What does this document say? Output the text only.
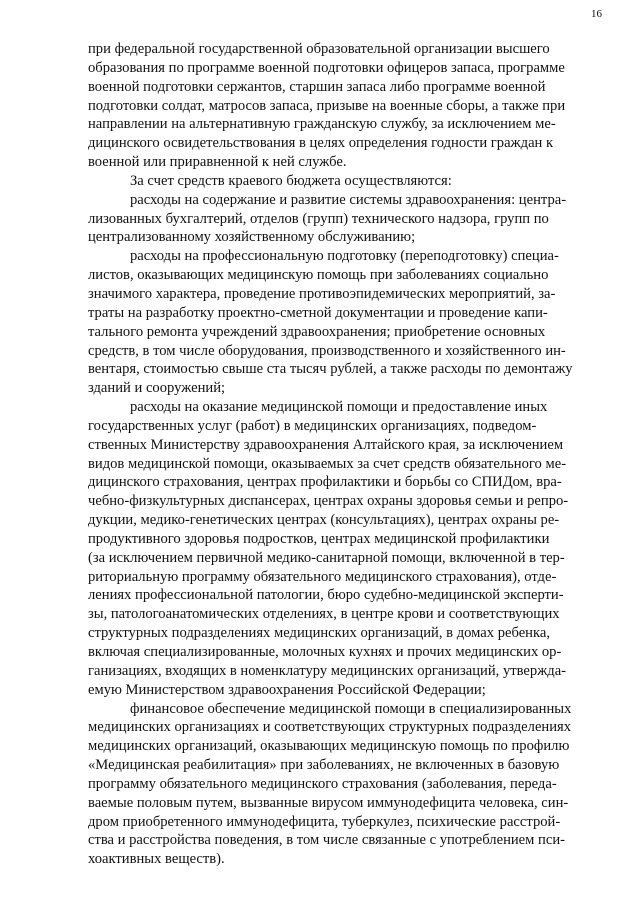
16
при федеральной государственной образовательной организации высшего
образования по программе военной подготовки офицеров запаса, программе
военной подготовки сержантов, старшин запаса либо программе военной
подготовки солдат, матросов запаса, призыве на военные сборы, а также при
направлении на альтернативную гражданскую службу, за исключением ме-
дицинского освидетельствования в целях определения годности граждан к
военной или приравненной к ней службе.
За счет средств краевого бюджета осуществляются:
расходы на содержание и развитие системы здравоохранения: центра-
лизованных бухгалтерий, отделов (групп) технического надзора, групп по
централизованному хозяйственному обслуживанию;
расходы на профессиональную подготовку (переподготовку) специа-
листов, оказывающих медицинскую помощь при заболеваниях социально
значимого характера, проведение противоэпидемических мероприятий, за-
траты на разработку проектно-сметной документации и проведение капи-
тального ремонта учреждений здравоохранения; приобретение основных
средств, в том числе оборудования, производственного и хозяйственного ин-
вентаря, стоимостью свыше ста тысяч рублей, а также расходы по демонтажу
зданий и сооружений;
расходы на оказание медицинской помощи и предоставление иных
государственных услуг (работ) в медицинских организациях, подведом-
ственных Министерству здравоохранения Алтайского края, за исключением
видов медицинской помощи, оказываемых за счет средств обязательного ме-
дицинского страхования, центрах профилактики и борьбы со СПИДом, вра-
чебно-физкультурных диспансерах, центрах охраны здоровья семьи и репро-
дукции, медико-генетических центрах (консультациях), центрах охраны ре-
продуктивного здоровья подростков, центрах медицинской профилактики
(за исключением первичной медико-санитарной помощи, включенной в тер-
риториальную программу обязательного медицинского страхования), отде-
лениях профессиональной патологии, бюро судебно-медицинской эксперти-
зы, патологоанатомических отделениях, в центре крови и соответствующих
структурных подразделениях медицинских организаций, в домах ребенка,
включая специализированные, молочных кухнях и прочих медицинских ор-
ганизациях, входящих в номенклатуру медицинских организаций, утвержда-
емую Министерством здравоохранения Российской Федерации;
финансовое обеспечение медицинской помощи в специализированных
медицинских организациях и соответствующих структурных подразделениях
медицинских организаций, оказывающих медицинскую помощь по профилю
«Медицинская реабилитация» при заболеваниях, не включенных в базовую
программу обязательного медицинского страхования (заболевания, переда-
ваемые половым путем, вызванные вирусом иммунодефицита человека, син-
дром приобретенного иммунодефицита, туберкулез, психические расстрой-
ства и расстройства поведения, в том числе связанные с употреблением пси-
хоактивных веществ).
